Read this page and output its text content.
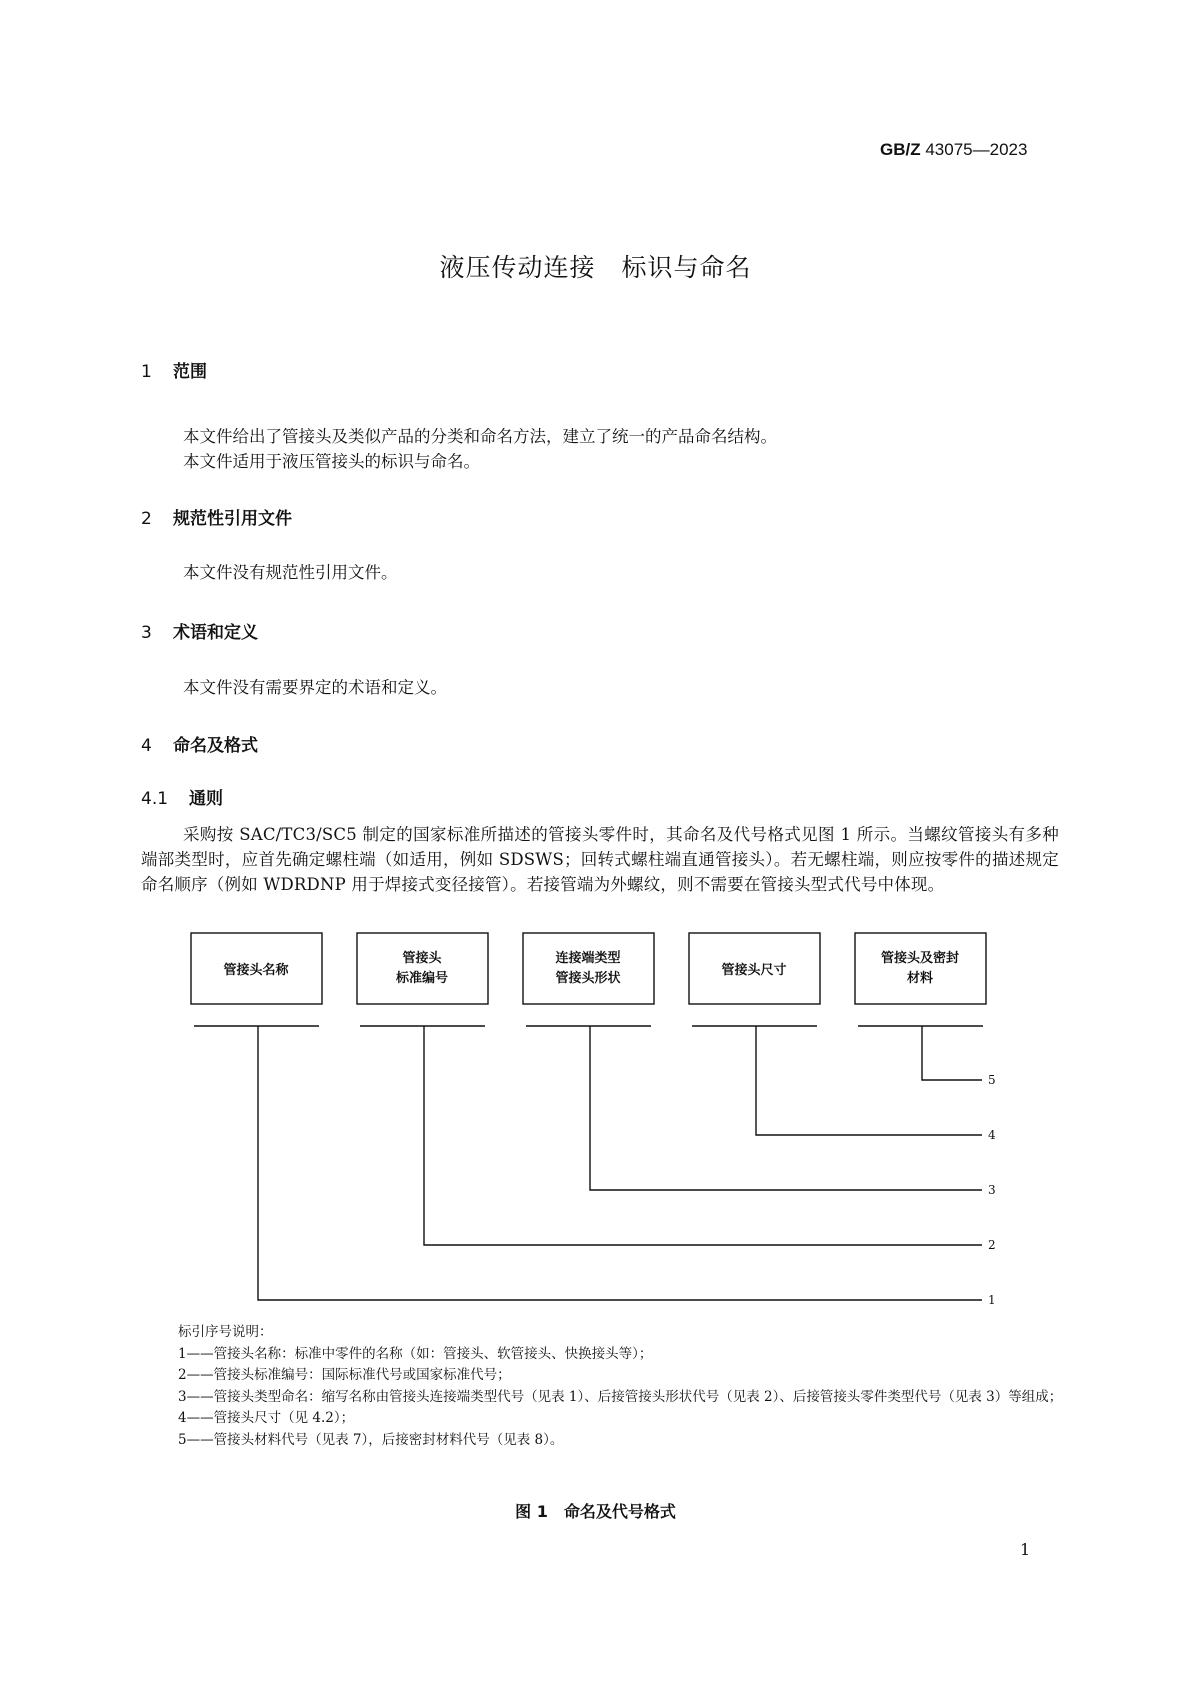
GB/Z 43075—2023
液压传动连接　标识与命名
1 范围
本文件给出了管接头及类似产品的分类和命名方法，建立了统一的产品命名结构。
本文件适用于液压管接头的标识与命名。
2 规范性引用文件
本文件没有规范性引用文件。
3 术语和定义
本文件没有需要界定的术语和定义。
4 命名及格式
4.1 通则
采购按 SAC/TC3/SC5 制定的国家标准所描述的管接头零件时，其命名及代号格式见图 1 所示。当螺纹管接头有多种端部类型时，应首先确定螺柱端（如适用，例如 SDSWS；回转式螺柱端直通管接头）。若无螺柱端，则应按零件的描述规定命名顺序（例如 WDRDNP 用于焊接式变径接管）。若接管端为外螺纹，则不需要在管接头型式代号中体现。
管接头名称
管接头
标准编号
连接端类型
管接头形状
管接头尺寸
管接头及密封
材料
5
4
3
2
1
标引序号说明：
1—— 管接头名称：标准中零件的名称（如：管接头、软管接头、快换接头等）；
2—— 管接头标准编号：国际标准代号或国家标准代号；
3—— 管接头类型命名：缩写名称由管接头连接端类型代号（见表 1）、后接管接头形状代号（见表 2）、后接管接头零件类型代号（见表 3）等组成；
4—— 管接头尺寸（见 4.2）；
5—— 管接头材料代号（见表 7），后接密封材料代号（见表 8）。
图 1　命名及代号格式
1
